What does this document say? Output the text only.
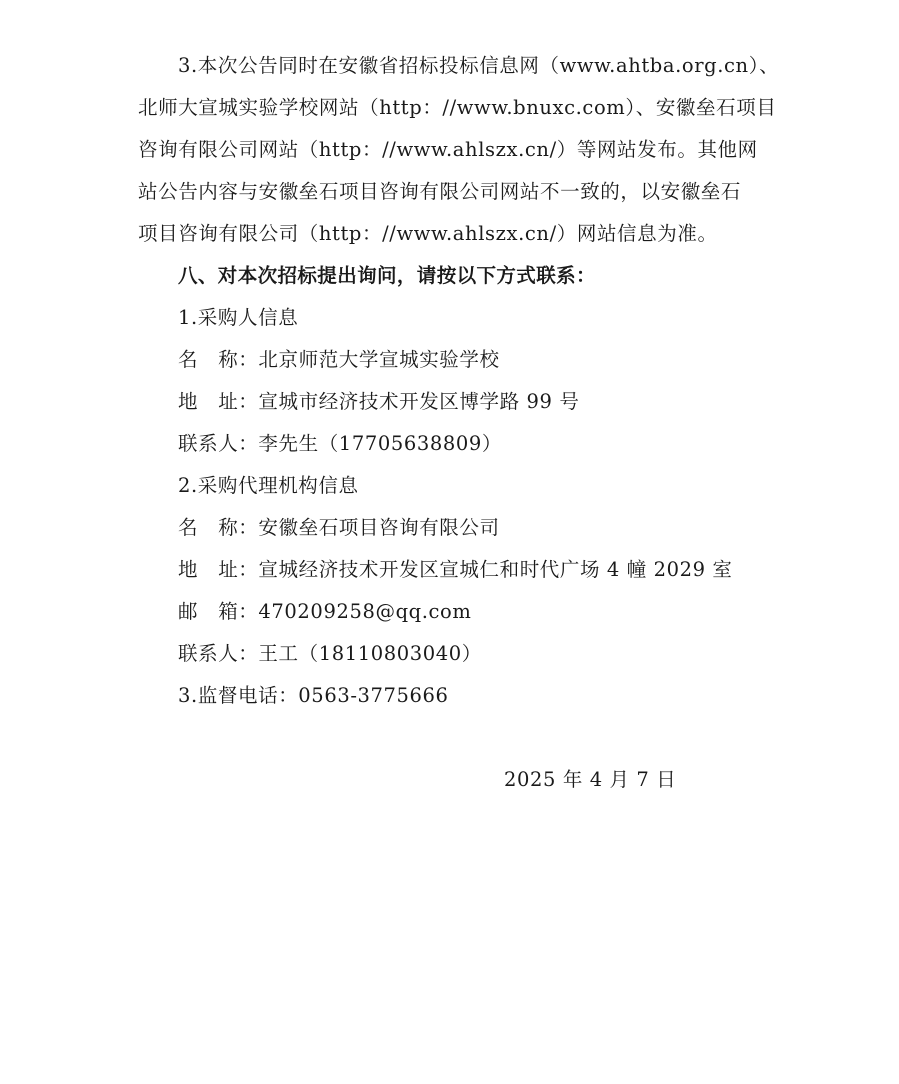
3.本次公告同时在安徽省招标投标信息网（www.ahtba.org.cn）、
北师大宣城实验学校网站（http：//www.bnuxc.com）、安徽垒石项目
咨询有限公司网站（http：//www.ahlszx.cn/）等网站发布。其他网
站公告内容与安徽垒石项目咨询有限公司网站不一致的，以安徽垒石
项目咨询有限公司（http：//www.ahlszx.cn/）网站信息为准。
八、对本次招标提出询问，请按以下方式联系：
1.采购人信息
名　称：北京师范大学宣城实验学校
地　址：宣城市经济技术开发区博学路 99 号
联系人：李先生（17705638809）
2.采购代理机构信息
名　称：安徽垒石项目咨询有限公司
地　址：宣城经济技术开发区宣城仁和时代广场 4 幢 2029 室
邮　箱：470209258@qq.com
联系人：王工（18110803040）
3.监督电话：0563-3775666
2025 年 4 月 7 日
